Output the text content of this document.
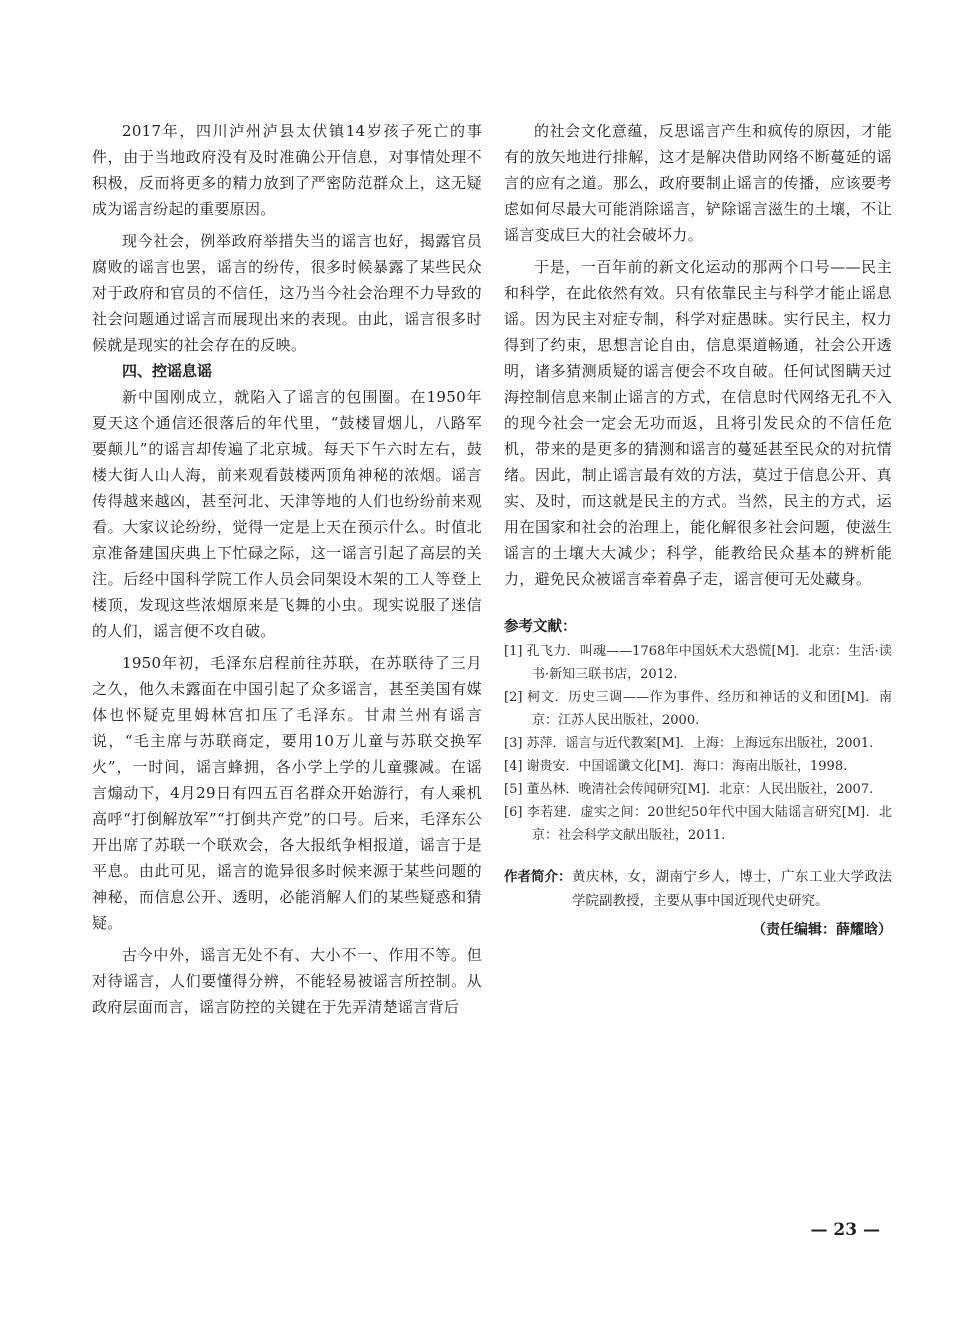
2017年，四川泸州泸县太伏镇14岁孩子死亡的事件，由于当地政府没有及时准确公开信息，对事情处理不积极，反而将更多的精力放到了严密防范群众上，这无疑成为谣言纷起的重要原因。

现今社会，例举政府举措失当的谣言也好，揭露官员腐败的谣言也罢，谣言的纷传，很多时候暴露了某些民众对于政府和官员的不信任，这乃当今社会治理不力导致的社会问题通过谣言而展现出来的表现。由此，谣言很多时候就是现实的社会存在的反映。

四、控谣息谣

新中国刚成立，就陷入了谣言的包围圈。在1950年夏天这个通信还很落后的年代里，“鼓楼冒烟儿，八路军要颠儿”的谣言却传遍了北京城。每天下午六时左右，鼓楼大街人山人海，前来观看鼓楼两顶角神秘的浓烟。谣言传得越来越凶，甚至河北、天津等地的人们也纷纷前来观看。大家议论纷纷，觉得一定是上天在预示什么。时值北京准备建国庆典上下忙碌之际，这一谣言引起了高层的关注。后经中国科学院工作人员会同架设木架的工人等登上楼顶，发现这些浓烟原来是飞舞的小虫。现实说服了迷信的人们，谣言便不攻自破。

1950年初，毛泽东启程前往苏联，在苏联待了三月之久，他久未露面在中国引起了众多谣言，甚至美国有媒体也怀疑克里姆林宫扣压了毛泽东。甘肃兰州有谣言说，“毛主席与苏联商定，要用10万儿童与苏联交换军火”，一时间，谣言蜂拥，各小学上学的儿童骤减。在谣言煽动下，4月29日有四五百名群众开始游行，有人乘机高呼“打倒解放军”“打倒共产党”的口号。后来，毛泽东公开出席了苏联一个联欢会，各大报纸争相报道，谣言于是平息。由此可见，谣言的诡异很多时候来源于某些问题的神秘，而信息公开、透明，必能消解人们的某些疑惑和猜疑。

古今中外，谣言无处不有、大小不一、作用不等。但对待谣言，人们要懂得分辨，不能轻易被谣言所控制。从政府层面而言，谣言防控的关键在于先弄清楚谣言背后

的社会文化意蕴，反思谣言产生和疯传的原因，才能有的放矢地进行排解，这才是解决借助网络不断蔓延的谣言的应有之道。那么，政府要制止谣言的传播，应该要考虑如何尽最大可能消除谣言，铲除谣言滋生的土壤，不让谣言变成巨大的社会破坏力。

于是，一百年前的新文化运动的那两个口号——民主和科学，在此依然有效。只有依靠民主与科学才能止谣息谣。因为民主对症专制，科学对症愚昧。实行民主，权力得到了约束，思想言论自由，信息渠道畅通，社会公开透明，诸多猜测质疑的谣言便会不攻自破。任何试图瞒天过海控制信息来制止谣言的方式，在信息时代网络无孔不入的现今社会一定会无功而返，且将引发民众的不信任危机，带来的是更多的猜测和谣言的蔓延甚至民众的对抗情绪。因此，制止谣言最有效的方法，莫过于信息公开、真实、及时，而这就是民主的方式。当然，民主的方式，运用在国家和社会的治理上，能化解很多社会问题，使滋生谣言的土壤大大减少；科学，能教给民众基本的辨析能力，避免民众被谣言牵着鼻子走，谣言便可无处藏身。

参考文献：
[1] 孔飞力．叫魂——1768年中国妖术大恐慌[M]．北京：生活·读书·新知三联书店，2012.
[2] 柯文．历史三调——作为事件、经历和神话的义和团[M]．南京：江苏人民出版社，2000.
[3] 苏萍．谣言与近代教案[M]．上海：上海远东出版社，2001.
[4] 谢贵安．中国谣谶文化[M]．海口：海南出版社，1998.
[5] 董丛林．晚清社会传闻研究[M]．北京：人民出版社，2007.
[6] 李若建．虚实之间：20世纪50年代中国大陆谣言研究[M]．北京：社会科学文献出版社，2011.
作者简介： 黄庆林，女，湖南宁乡人，博士，广东工业大学政法学院副教授，主要从事中国近现代史研究。
（责任编辑：薛耀晗）
— 23 —
